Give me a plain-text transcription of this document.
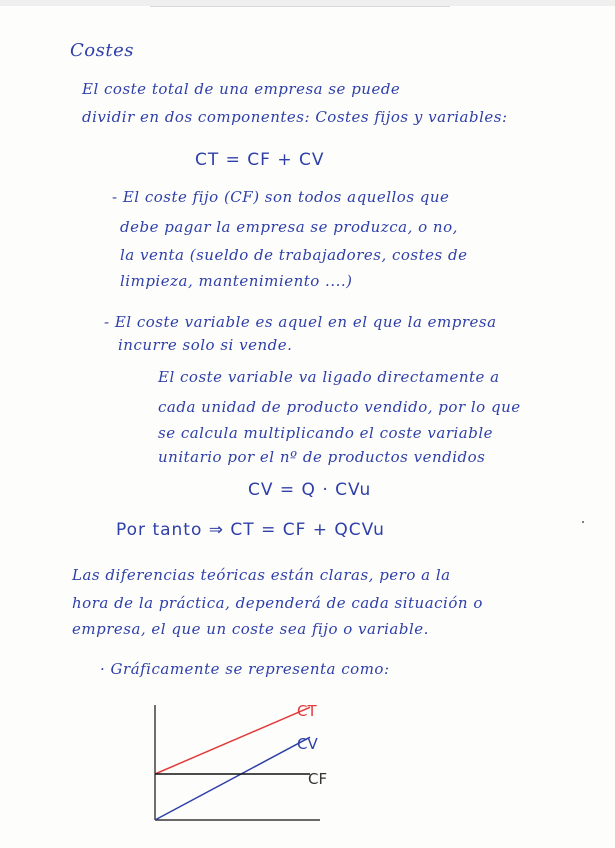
Costes
El coste total de una empresa se puede
dividir en dos componentes: Costes fijos y variables:
CT = CF + CV
- El coste fijo (CF) son todos aquellos que
debe pagar la empresa se produzca, o no,
la venta (sueldo de trabajadores, costes de
limpieza, mantenimiento ....)
- El coste variable es aquel en el que la empresa
incurre solo si vende.
El coste variable va ligado directamente a
cada unidad de producto vendido, por lo que
se calcula multiplicando el coste variable
unitario por el nº de productos vendidos
CV = Q · CVu
Por tanto ⇒ CT = CF + QCVu
Las diferencias teóricas están claras, pero a la
hora de la práctica, dependerá de cada situación o
empresa, el que un coste sea fijo o variable.
· Gráficamente se representa como:
CT
CV
CF
